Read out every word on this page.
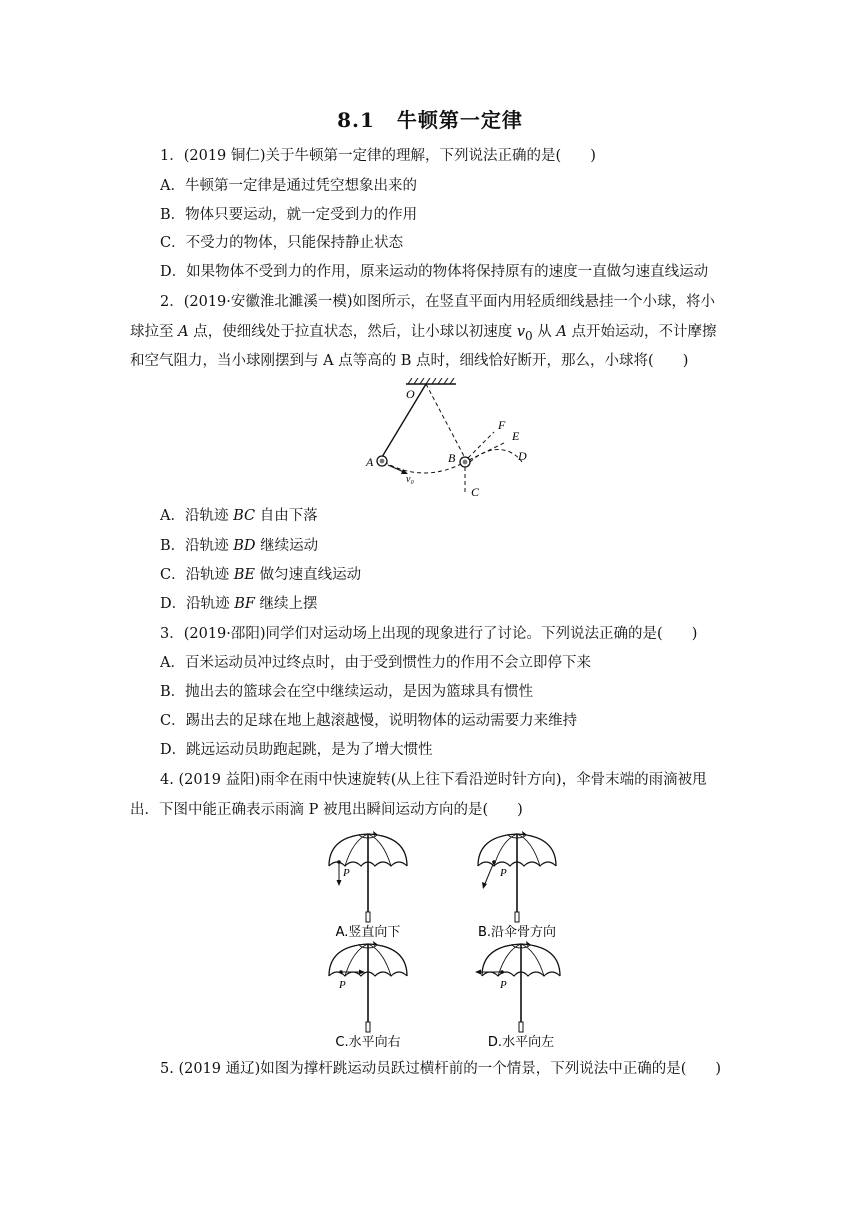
8.1 牛顿第一定律
1．(2019 铜仁)关于牛顿第一定律的理解，下列说法正确的是(　　)
A．牛顿第一定律是通过凭空想象出来的
B．物体只要运动，就一定受到力的作用
C．不受力的物体，只能保持静止状态
D．如果物体不受到力的作用，原来运动的物体将保持原有的速度一直做匀速直线运动
2．(2019·安徽淮北濉溪一模)如图所示，在竖直平面内用轻质细线悬挂一个小球，将小
球拉至 A 点，使细线处于拉直状态，然后，让小球以初速度 $v_0$ 从 A 点开始运动，不计摩擦
和空气阻力，当小球刚摆到与 A 点等高的 B 点时，细线恰好断开，那么，小球将(　　)
O
A	B
C
D
E
F
v₀
A．沿轨迹 BC 自由下落
B．沿轨迹 BD 继续运动
C．沿轨迹 BE 做匀速直线运动
D．沿轨迹 BF 继续上摆
3．(2019·邵阳)同学们对运动场上出现的现象进行了讨论。下列说法正确的是(　　)
A．百米运动员冲过终点时，由于受到惯性力的作用不会立即停下来
B．抛出去的篮球会在空中继续运动，是因为篮球具有惯性
C．踢出去的足球在地上越滚越慢，说明物体的运动需要力来维持
D．跳远运动员助跑起跳，是为了增大惯性
4. (2019 益阳)雨伞在雨中快速旋转(从上往下看沿逆时针方向)，伞骨末端的雨滴被甩
出．下图中能正确表示雨滴 P 被甩出瞬间运动方向的是(　　)
P
A.竖直向下
P
B.沿伞骨方向
P
C.水平向右
P
D.水平向左
5. (2019 通辽)如图为撑杆跳运动员跃过横杆前的一个情景，下列说法中正确的是(　　)
